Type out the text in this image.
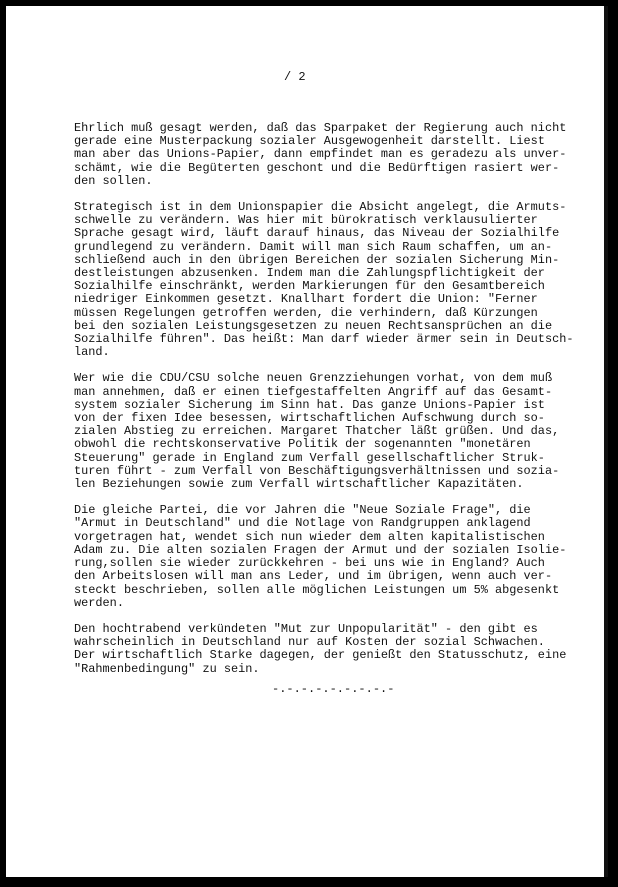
/ 2
Ehrlich muß gesagt werden, daß das Sparpaket der Regierung auch nicht
gerade eine Musterpackung sozialer Ausgewogenheit darstellt. Liest
man aber das Unions-Papier, dann empfindet man es geradezu als unver-
schämt, wie die Begüterten geschont und die Bedürftigen rasiert wer-
den sollen.
Strategisch ist in dem Unionspapier die Absicht angelegt, die Armuts-
schwelle zu verändern. Was hier mit bürokratisch verklausulierter
Sprache gesagt wird, läuft darauf hinaus, das Niveau der Sozialhilfe
grundlegend zu verändern. Damit will man sich Raum schaffen, um an-
schließend auch in den übrigen Bereichen der sozialen Sicherung Min-
destleistungen abzusenken. Indem man die Zahlungspflichtigkeit der
Sozialhilfe einschränkt, werden Markierungen für den Gesamtbereich
niedriger Einkommen gesetzt. Knallhart fordert die Union: "Ferner
müssen Regelungen getroffen werden, die verhindern, daß Kürzungen
bei den sozialen Leistungsgesetzen zu neuen Rechtsansprüchen an die
Sozialhilfe führen". Das heißt: Man darf wieder ärmer sein in Deutsch-
land.
Wer wie die CDU/CSU solche neuen Grenzziehungen vorhat, von dem muß
man annehmen, daß er einen tiefgestaffelten Angriff auf das Gesamt-
system sozialer Sicherung im Sinn hat. Das ganze Unions-Papier ist
von der fixen Idee besessen, wirtschaftlichen Aufschwung durch so-
zialen Abstieg zu erreichen. Margaret Thatcher läßt grüßen. Und das,
obwohl die rechtskonservative Politik der sogenannten "monetären
Steuerung" gerade in England zum Verfall gesellschaftlicher Struk-
turen führt - zum Verfall von Beschäftigungsverhältnissen und sozia-
len Beziehungen sowie zum Verfall wirtschaftlicher Kapazitäten.
Die gleiche Partei, die vor Jahren die "Neue Soziale Frage", die
"Armut in Deutschland" und die Notlage von Randgruppen anklagend
vorgetragen hat, wendet sich nun wieder dem alten kapitalistischen
Adam zu. Die alten sozialen Fragen der Armut und der sozialen Isolie-
rung,sollen sie wieder zurückkehren - bei uns wie in England? Auch
den Arbeitslosen will man ans Leder, und im übrigen, wenn auch ver-
steckt beschrieben, sollen alle möglichen Leistungen um 5% abgesenkt
werden.
Den hochtrabend verkündeten "Mut zur Unpopularität" - den gibt es
wahrscheinlich in Deutschland nur auf Kosten der sozial Schwachen.
Der wirtschaftlich Starke dagegen, der genießt den Statusschutz, eine
"Rahmenbedingung" zu sein.
-.-.-.-.-.-.-.-.-
